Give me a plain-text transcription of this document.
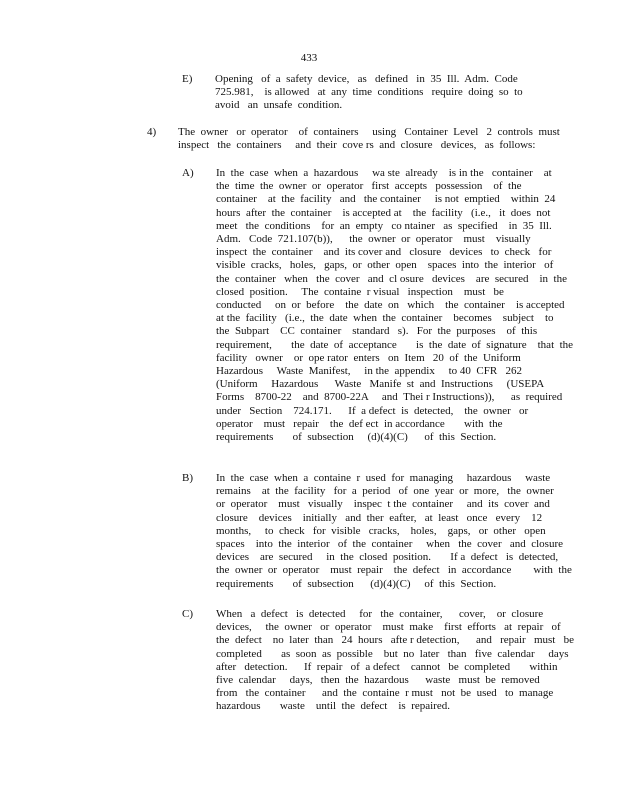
433
E) Opening   of  a  safety  device,   as   defined   in  35  Ill.  Adm.  Code
725.981,    is allowed   at  any  time  conditions   require  doing  so  to
avoid   an  unsafe  condition.
4) The  owner   or  operator    of  containers     using   Container  Level   2  controls  must
inspect   the  containers     and  their  cove rs  and  closure   devices,   as  follows:
A) In  the  case  when  a  hazardous     wa ste  already    is in the   container    at
the  time  the  owner  or  operator   first  accepts   possession    of  the
container    at  the  facility   and   the container     is not  emptied    within  24
hours  after  the  container    is accepted at    the  facility   (i.e.,   it  does  not
meet   the  conditions    for  an  empty   co ntainer   as  specified    in  35  Ill.
Adm.   Code  721.107(b)),      the  owner  or  operator    must    visually
inspect  the  container    and  its cover and   closure   devices   to  check   for
visible  cracks,   holes,   gaps,  or  other  open    spaces  into  the  interior   of
the  container   when   the  cover   and  cl osure   devices    are  secured    in  the
closed  position.     The  containe  r visual   inspection    must   be
conducted     on  or  before    the  date  on   which    the  container    is accepted
at the  facility   (i.e.,  the  date  when  the  container    becomes    subject    to
the  Subpart    CC  container    standard   s).   For  the  purposes    of  this
requirement,       the  date  of  acceptance       is  the  date  of  signature    that  the
facility   owner    or  ope rator  enters   on  Item   20  of  the  Uniform
Hazardous     Waste  Manifest,     in the  appendix     to 40  CFR   262
(Uniform     Hazardous      Waste   Manife  st  and  Instructions     (USEPA
Forms    8700-22    and  8700-22A     and  Thei r Instructions)),      as  required
under   Section    724.171.      If  a defect  is  detected,    the  owner   or
operator    must   repair    the  def ect  in accordance       with  the
requirements       of  subsection     (d)(4)(C)      of  this  Section.
B) In  the  case  when  a  containe  r  used  for  managing     hazardous     waste
remains    at  the  facility   for  a  period   of  one  year  or  more,   the  owner
or  operator    must   visually    inspec  t the  container     and  its  cover  and
closure    devices    initially   and  ther  eafter,   at  least   once   every    12
months,     to  check   for  visible   cracks,    holes,    gaps,   or  other   open
spaces    into  the  interior   of  the  container     when   the  cover   and  closure
devices    are  secured     in  the  closed  position.       If a  defect   is  detected,
the  owner  or  operator    must  repair    the  defect   in  accordance        with  the
requirements       of  subsection      (d)(4)(C)     of  this  Section.
C) When   a  defect   is  detected     for   the  container,      cover,    or  closure
devices,     the  owner   or  operator    must  make    first  efforts   at  repair   of
the  defect    no  later  than   24  hours   afte r detection,      and   repair   must   be
completed       as  soon  as  possible    but  no  later   than   five  calendar     days
after   detection.      If  repair   of  a defect    cannot   be  completed       within
five  calendar     days,   then  the  hazardous      waste   must  be  removed
from   the  container      and  the  containe  r must   not  be  used   to  manage
hazardous       waste    until  the  defect    is  repaired.
